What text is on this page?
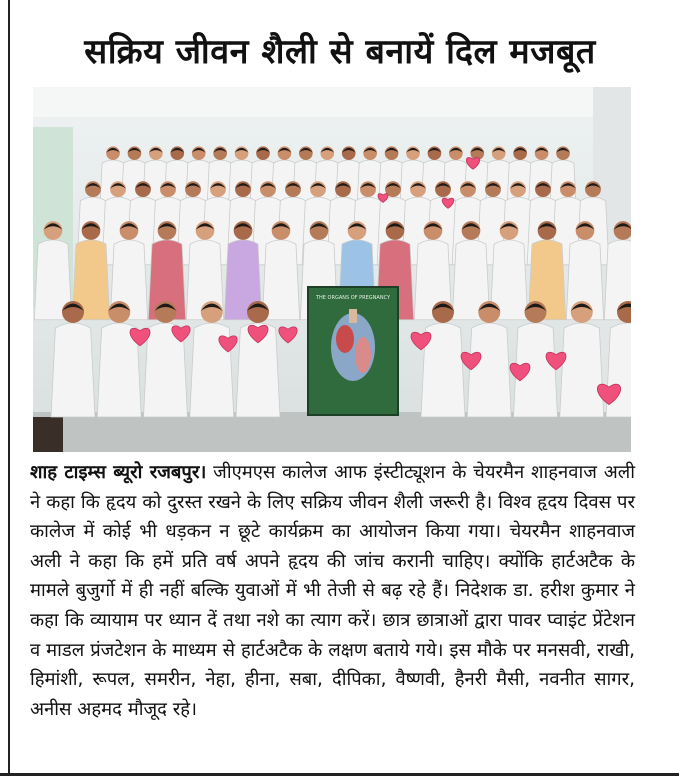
सक्रिय जीवन शैली से बनायें दिल मजबूत
THE ORGANS OF PREGNANCY
शाह टाइम्स ब्यूरो रजबपुर। जीएमएस कालेज आफ इंस्टीट्यूशन के चेयरमैन शाहनवाज अली ने कहा कि हृदय को दुरस्त रखने के लिए सक्रिय जीवन शैली जरूरी है। विश्व हृदय दिवस पर कालेज में कोई भी धड़कन न छूटे कार्यक्रम का आयोजन किया गया। चेयरमैन शाहनवाज अली ने कहा कि हमें प्रति वर्ष अपने हृदय की जांच करानी चाहिए। क्योंकि हार्टअटैक के मामले बुजुर्गो में ही नहीं बल्कि युवाओं में भी तेजी से बढ़ रहे हैं। निदेशक डा. हरीश कुमार ने कहा कि व्यायाम पर ध्यान दें तथा नशे का त्याग करें। छात्र छात्राओं द्वारा पावर प्वाइंट प्रेंटेशन व माडल प्रंजटेशन के माध्यम से हार्टअटैक के लक्षण बताये गये। इस मौके पर मनसवी, राखी, हिमांशी, रूपल, समरीन, नेहा, हीना, सबा, दीपिका, वैष्णवी, हैनरी मैसी, नवनीत सागर, अनीस अहमद मौजूद रहे।
